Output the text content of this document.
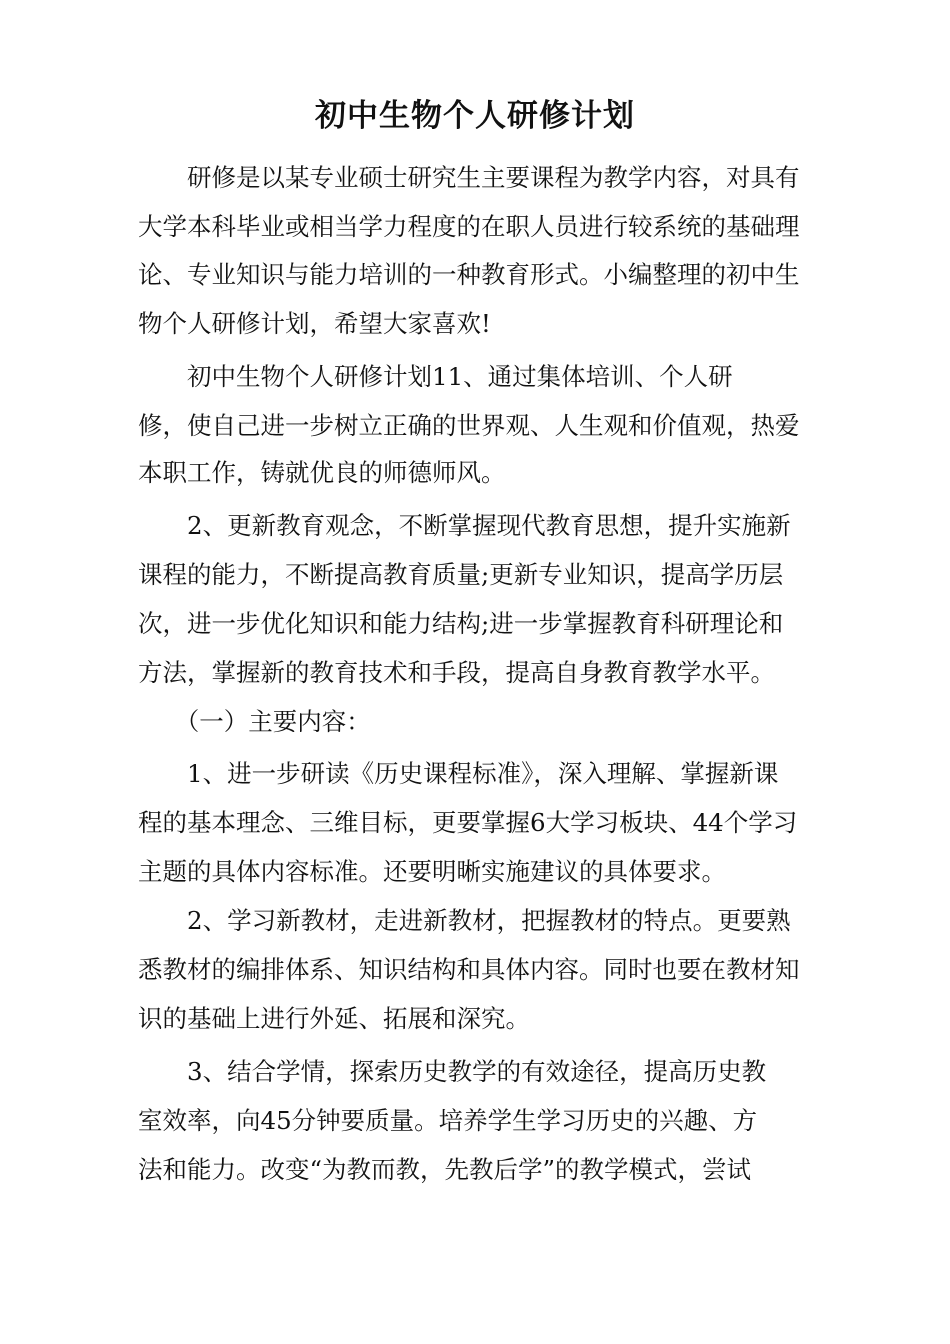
初中生物个人研修计划
　　研修是以某专业硕士研究生主要课程为教学内容，对具有
大学本科毕业或相当学力程度的在职人员进行较系统的基础理
论、专业知识与能力培训的一种教育形式。小编整理的初中生
物个人研修计划，希望大家喜欢!
　　初中生物个人研修计划11、通过集体培训、个人研
修，使自己进一步树立正确的世界观、人生观和价值观，热爱
本职工作，铸就优良的师德师风。
　　2、更新教育观念，不断掌握现代教育思想，提升实施新
课程的能力，不断提高教育质量;更新专业知识，提高学历层
次，进一步优化知识和能力结构;进一步掌握教育科研理论和
方法，掌握新的教育技术和手段，提高自身教育教学水平。
　　（一）主要内容：
　　1、进一步研读《历史课程标准》，深入理解、掌握新课
程的基本理念、三维目标，更要掌握6大学习板块、44个学习
主题的具体内容标准。还要明晰实施建议的具体要求。
　　2、学习新教材，走进新教材，把握教材的特点。更要熟
悉教材的编排体系、知识结构和具体内容。同时也要在教材知
识的基础上进行外延、拓展和深究。
　　3、结合学情，探索历史教学的有效途径，提高历史教
室效率，向45分钟要质量。培养学生学习历史的兴趣、方
法和能力。改变“为教而教，先教后学”的教学模式，尝试
